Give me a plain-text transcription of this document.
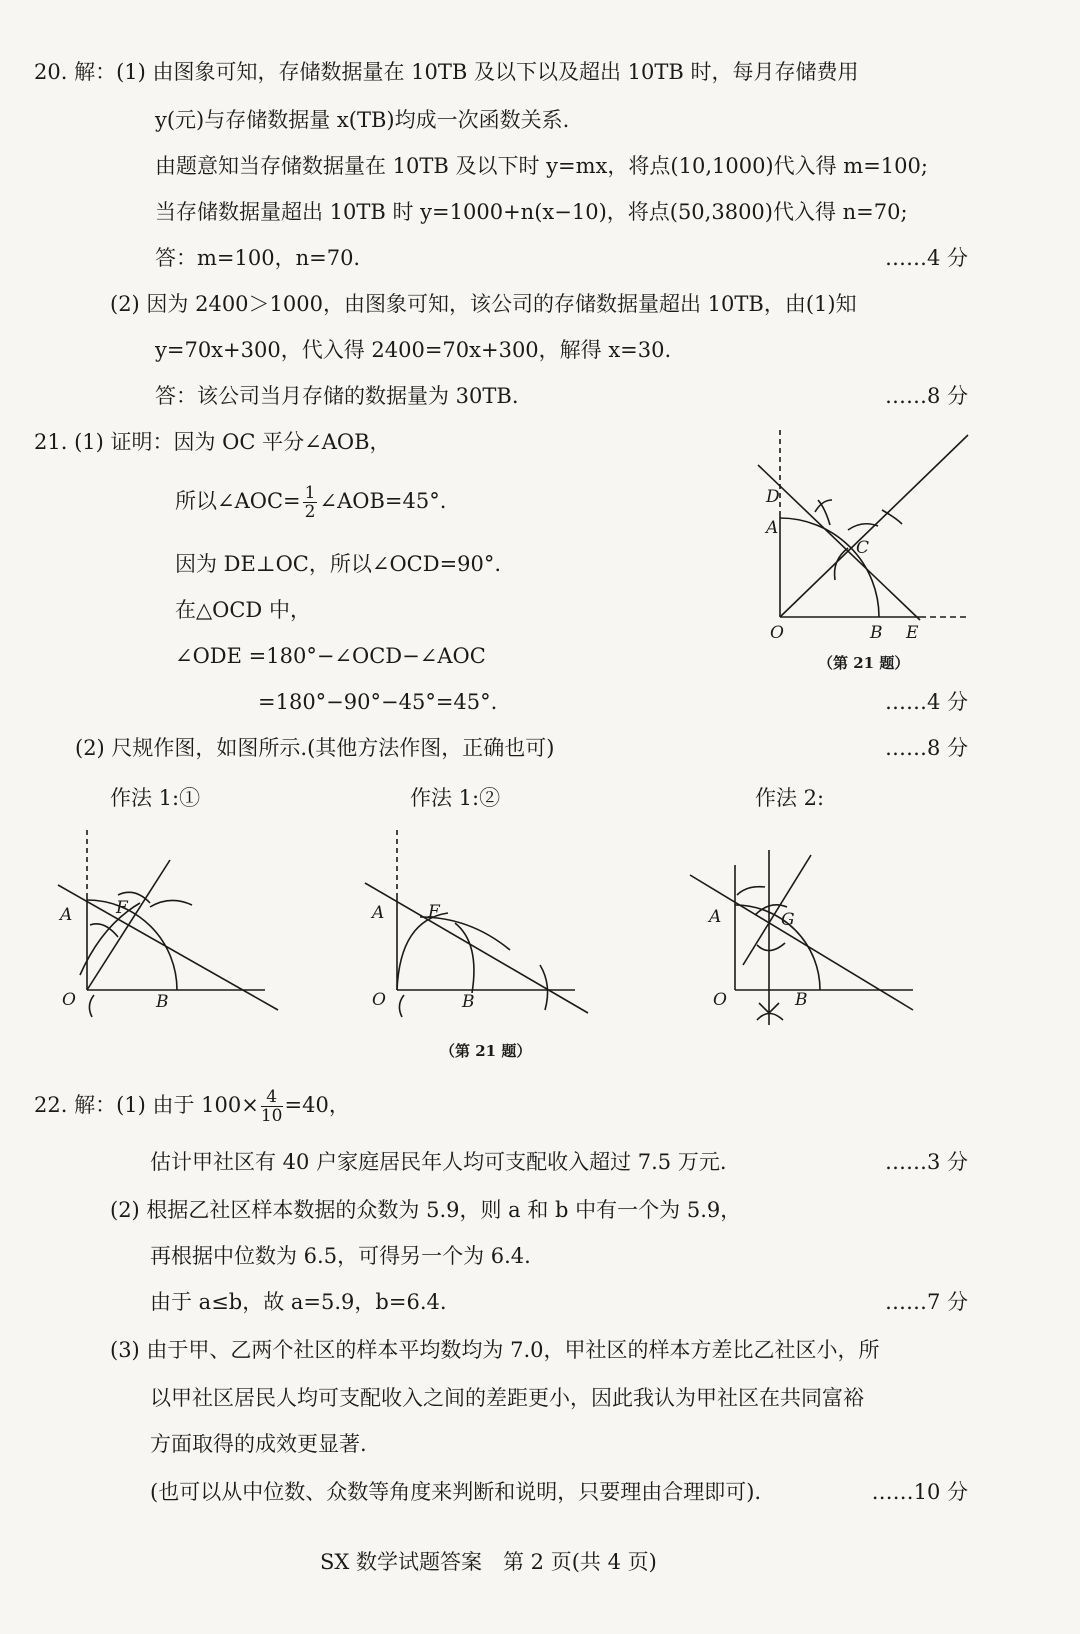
20. 解：(1) 由图象可知，存储数据量在 10TB 及以下以及超出 10TB 时，每月存储费用
y(元)与存储数据量 x(TB)均成一次函数关系.
由题意知当存储数据量在 10TB 及以下时 y=mx，将点(10,1000)代入得 m=100;
当存储数据量超出 10TB 时 y=1000+n(x−10)，将点(50,3800)代入得 n=70;
答：m=100，n=70.	……4 分
(2) 因为 2400＞1000，由图象可知，该公司的存储数据量超出 10TB，由(1)知
y=70x+300，代入得 2400=70x+300，解得 x=30.
答：该公司当月存储的数据量为 30TB.	……8 分
21. (1) 证明：因为 OC 平分∠AOB，
所以∠AOC= $\frac{1}{2}$ ∠AOB=45°.
因为 DE⊥OC，所以∠OCD=90°.
在△OCD 中，
∠ODE =180°−∠OCD−∠AOC
=180°−90°−45°=45°.	……4 分
(2) 尺规作图，如图所示.(其他方法作图，正确也可)	……8 分
D
A
C
O	B E
（第 21 题）
作法 1:①	作法 1:②	作法 2:
A	F
O	B
A	F
O	B
A	G
O	B
（第 21 题）
22. 解：(1) 由于 $100\times \frac{4}{10} =40$，
估计甲社区有 40 户家庭居民年人均可支配收入超过 7.5 万元.	……3 分
(2) 根据乙社区样本数据的众数为 5.9，则 a 和 b 中有一个为 5.9，
再根据中位数为 6.5，可得另一个为 6.4.
由于 a≤b，故 a=5.9，b=6.4.	……7 分
(3) 由于甲、乙两个社区的样本平均数均为 7.0，甲社区的样本方差比乙社区小，所
以甲社区居民人均可支配收入之间的差距更小，因此我认为甲社区在共同富裕
方面取得的成效更显著.
(也可以从中位数、众数等角度来判断和说明，只要理由合理即可).	……10 分
SX 数学试题答案　第 2 页(共 4 页)
